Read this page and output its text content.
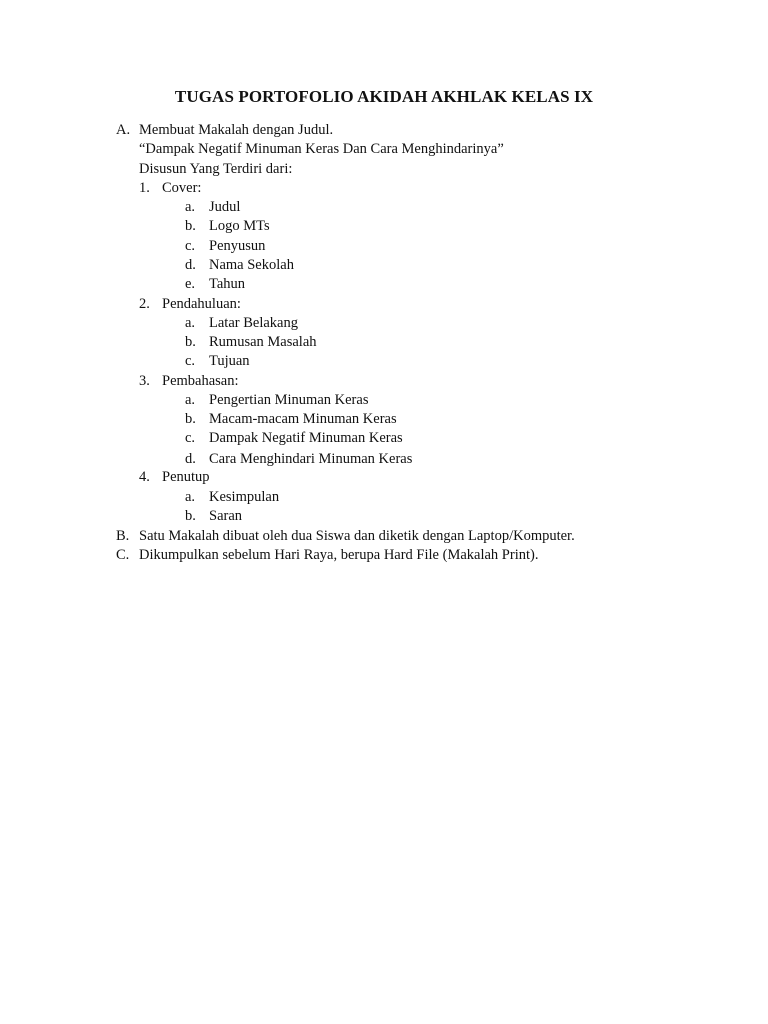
TUGAS PORTOFOLIO AKIDAH AKHLAK KELAS IX
A. Membuat Makalah dengan Judul.
“Dampak Negatif Minuman Keras Dan Cara Menghindarinya”
Disusun Yang Terdiri dari:
1. Cover:
a. Judul
b. Logo MTs
c. Penyusun
d. Nama Sekolah
e. Tahun
2. Pendahuluan:
a. Latar Belakang
b. Rumusan Masalah
c. Tujuan
3. Pembahasan:
a. Pengertian Minuman Keras
b. Macam-macam Minuman Keras
c. Dampak Negatif Minuman Keras
d. Cara Menghindari Minuman Keras
4. Penutup
a. Kesimpulan
b. Saran
B. Satu Makalah dibuat oleh dua Siswa dan diketik dengan Laptop/Komputer.
C. Dikumpulkan sebelum Hari Raya, berupa Hard File (Makalah Print).
